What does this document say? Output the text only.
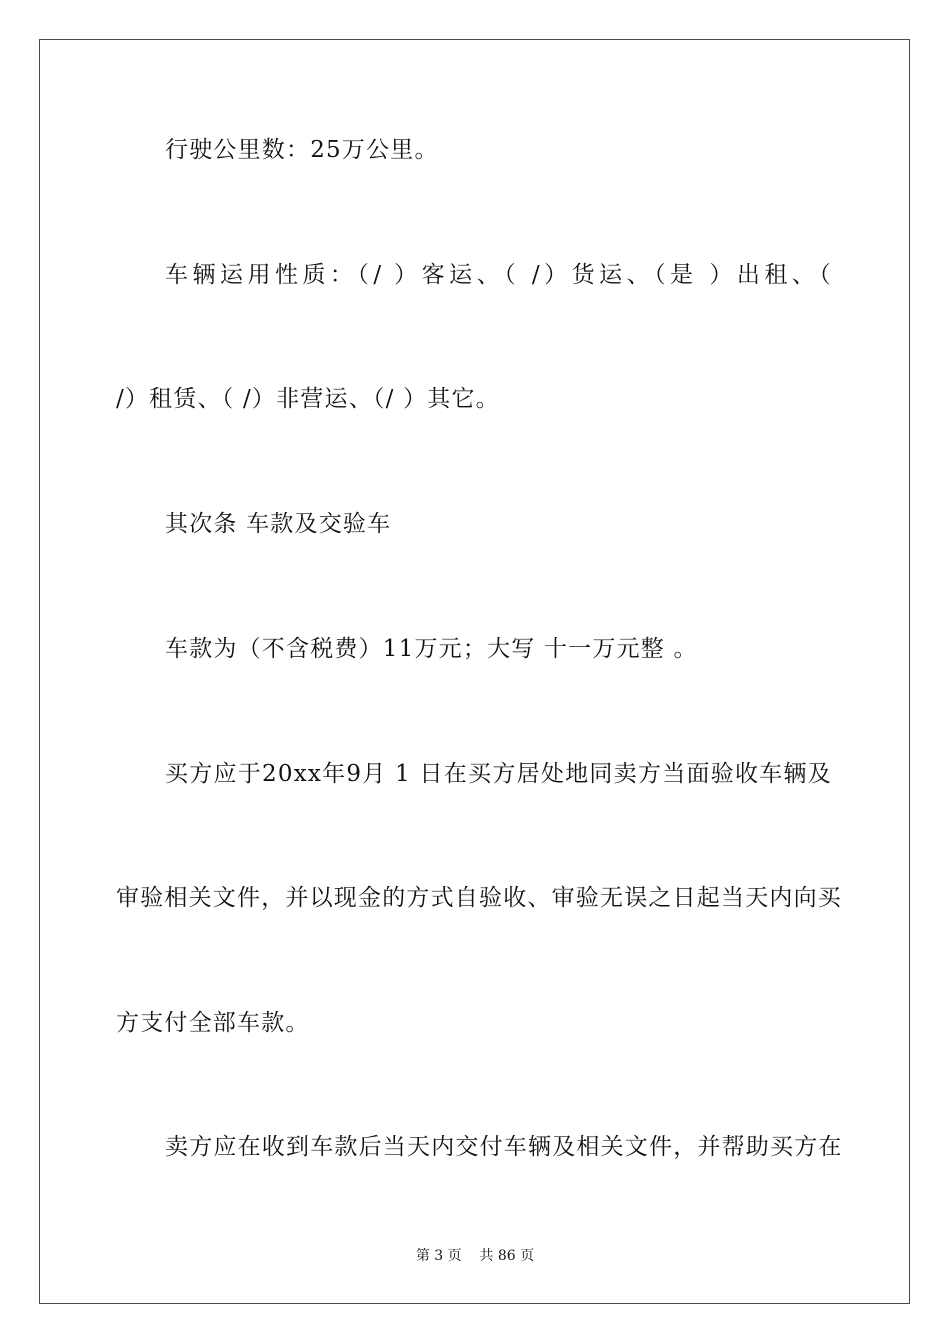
行驶公里数：25万公里。
车辆运用性质：（/ ）客运、（ /）货运、（是 ）出租、（
/）租赁、（ /）非营运、（/ ）其它。
其次条 车款及交验车
车款为（不含税费）11万元；大写 十一万元整 。
买方应于20xx年9月 1 日在买方居处地同卖方当面验收车辆及
审验相关文件，并以现金的方式自验收、审验无误之日起当天内向买
方支付全部车款。
卖方应在收到车款后当天内交付车辆及相关文件，并帮助买方在
第 3 页    共 86 页
